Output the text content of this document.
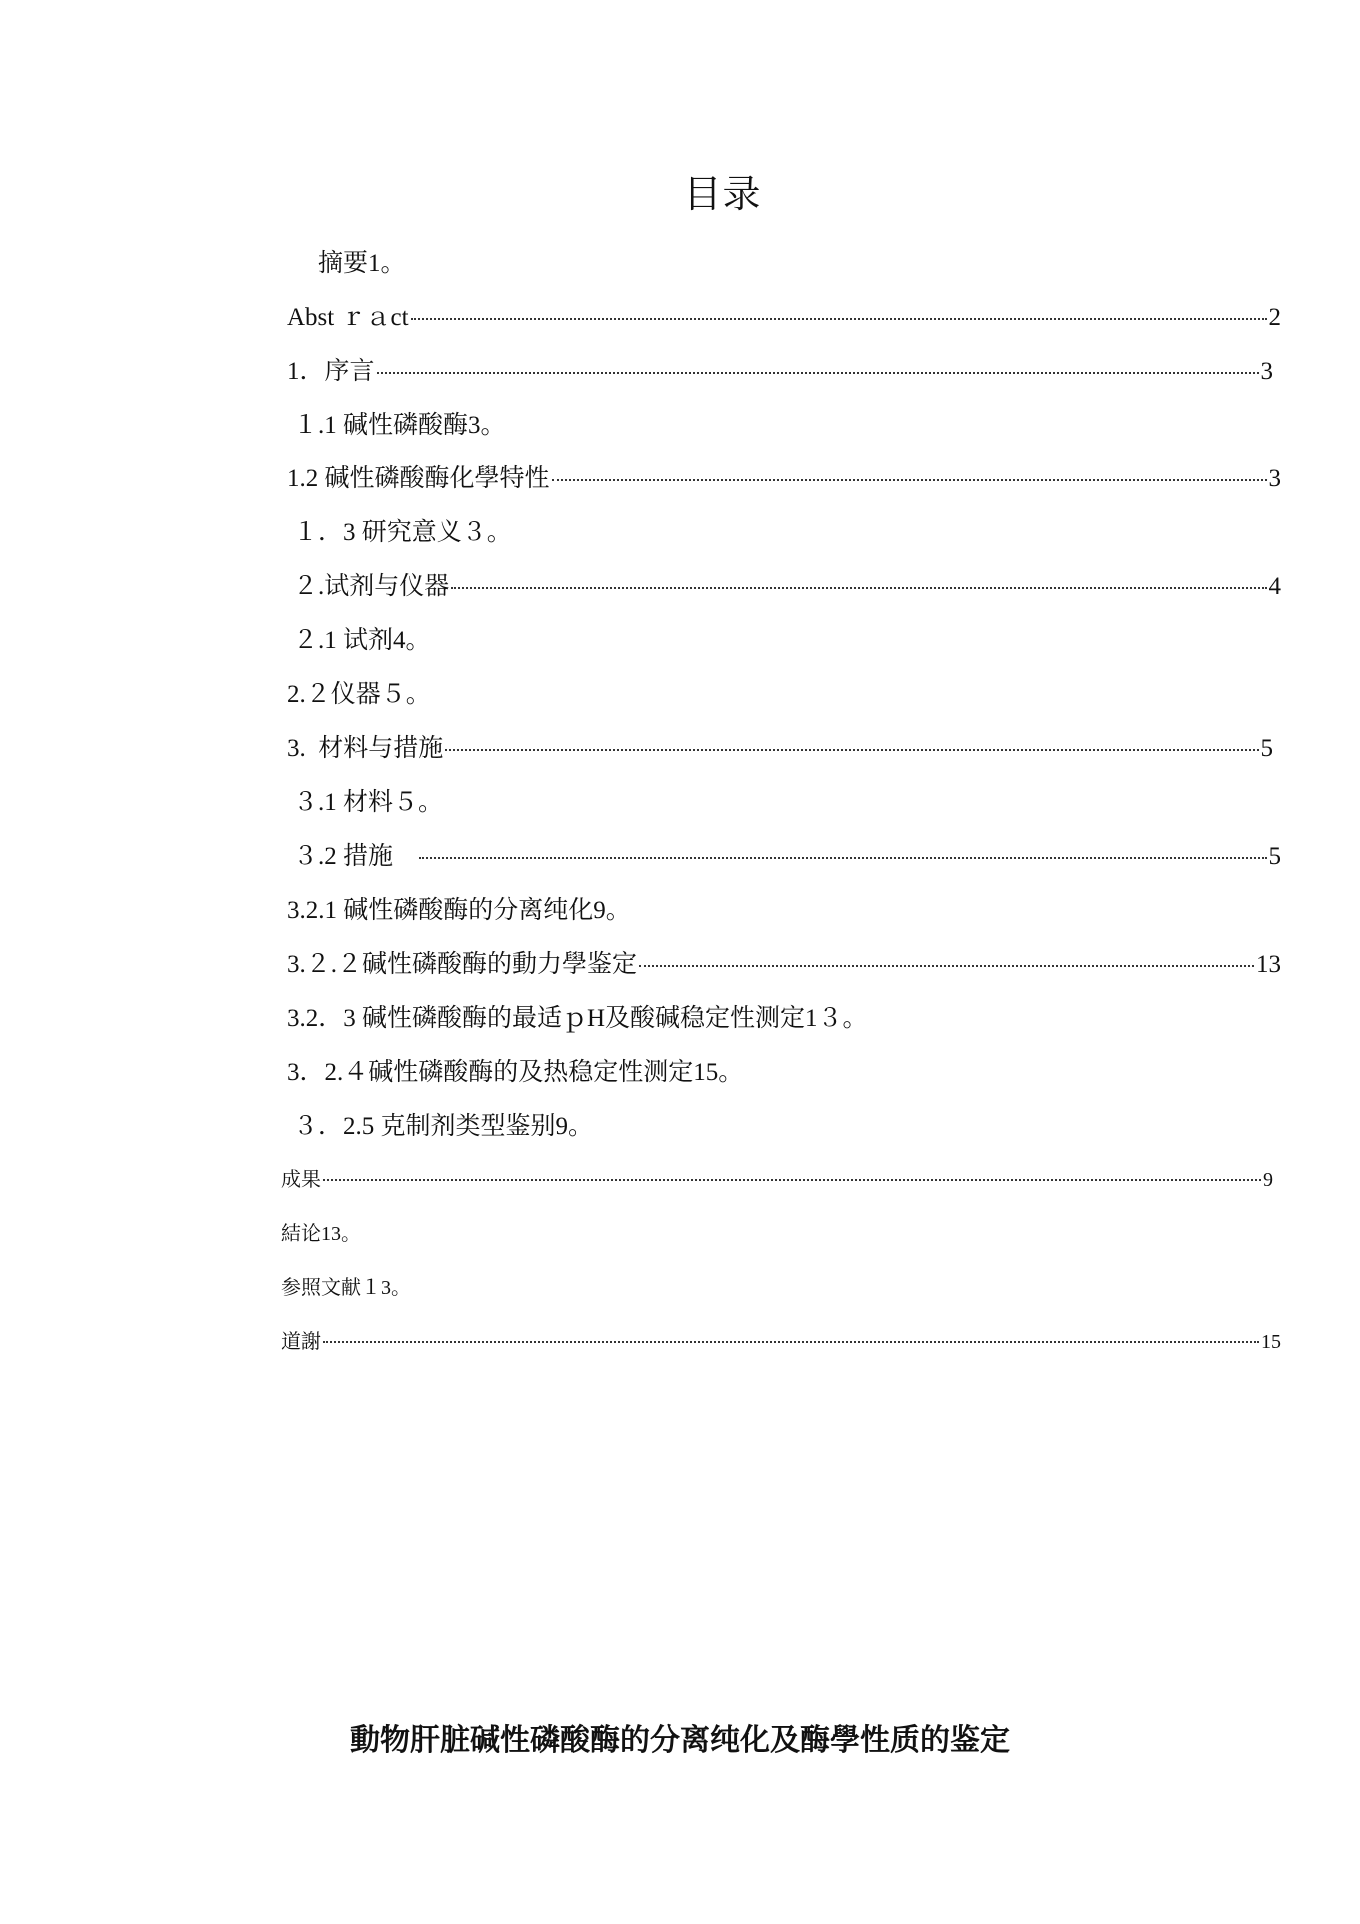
目录
摘要1。
Abst ｒａct	2
1．序言	3
１.1 碱性磷酸酶3。
1.2 碱性磷酸酶化學特性	3
１．3 研究意义３。
２.试剂与仪器	4
２.1 试剂4。
2.２仪器５。
3.  材料与措施	5
３.1 材料５。
３.2 措施	5
3.2.1 碱性磷酸酶的分离纯化9。
3.２.２碱性磷酸酶的動力學鉴定	13
3.2．3 碱性磷酸酶的最适ｐH及酸碱稳定性测定1３。
3．2.４碱性磷酸酶的及热稳定性测定15。
３．2.5 克制剂类型鉴别9。
成果	9
結论13。
参照文献１3。
道謝	15
動物肝脏碱性磷酸酶的分离纯化及酶學性质的鉴定
